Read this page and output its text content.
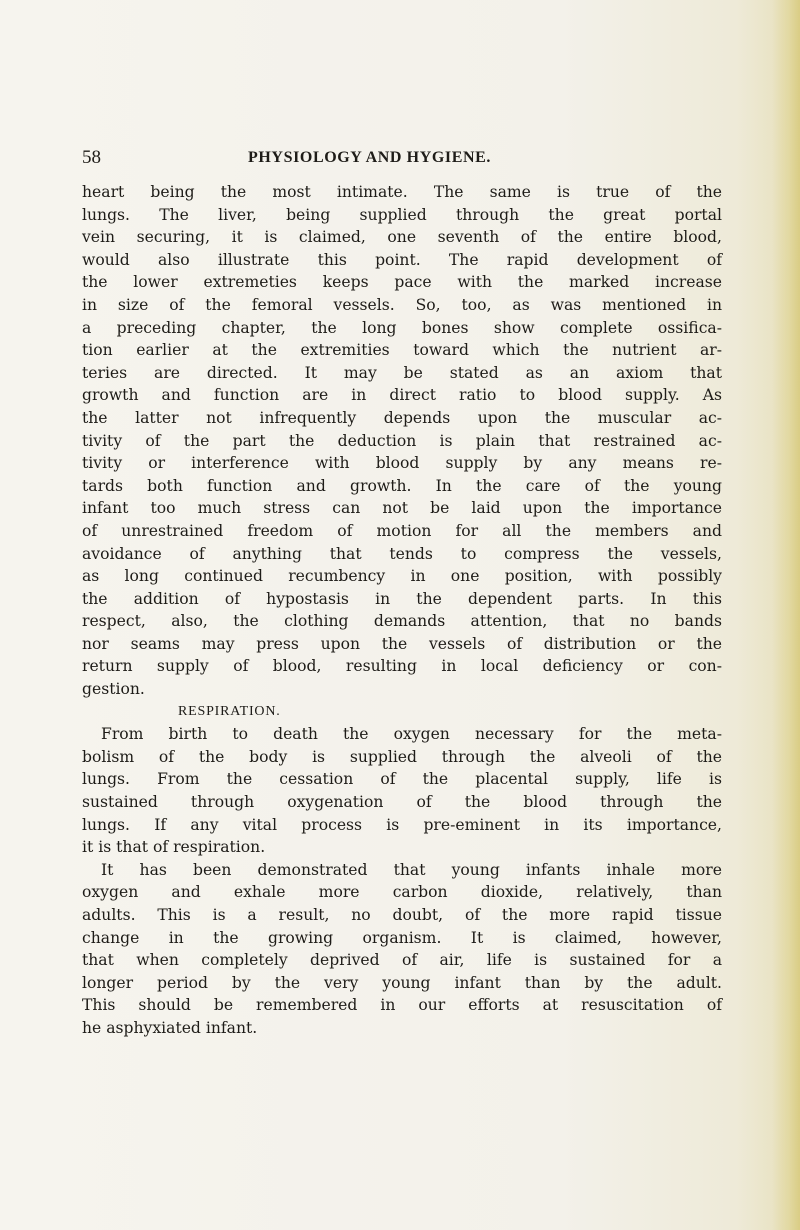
58	PHYSIOLOGY AND HYGIENE.
heart being the most intimate. The same is true of the
lungs. The liver, being supplied through the great portal
vein securing, it is claimed, one seventh of the entire blood,
would also illustrate this point. The rapid development of
the lower extremeties keeps pace with the marked increase
in size of the femoral vessels. So, too, as was mentioned in
a preceding chapter, the long bones show complete ossifica-
tion earlier at the extremities toward which the nutrient ar-
teries are directed. It may be stated as an axiom that
growth and function are in direct ratio to blood supply. As
the latter not infrequently depends upon the muscular ac-
tivity of the part the deduction is plain that restrained ac-
tivity or interference with blood supply by any means re-
tards both function and growth. In the care of the young
infant too much stress can not be laid upon the importance
of unrestrained freedom of motion for all the members and
avoidance of anything that tends to compress the vessels,
as long continued recumbency in one position, with possibly
the addition of hypostasis in the dependent parts. In this
respect, also, the clothing demands attention, that no bands
nor seams may press upon the vessels of distribution or the
return supply of blood, resulting in local deficiency or con-
gestion.
RESPIRATION.
From birth to death the oxygen necessary for the meta-
bolism of the body is supplied through the alveoli of the
lungs. From the cessation of the placental supply, life is
sustained through oxygenation of the blood through the
lungs. If any vital process is pre-eminent in its importance,
it is that of respiration.
It has been demonstrated that young infants inhale more
oxygen and exhale more carbon dioxide, relatively, than
adults. This is a result, no doubt, of the more rapid tissue
change in the growing organism. It is claimed, however,
that when completely deprived of air, life is sustained for a
longer period by the very young infant than by the adult.
This should be remembered in our efforts at resuscitation of
he asphyxiated infant.
